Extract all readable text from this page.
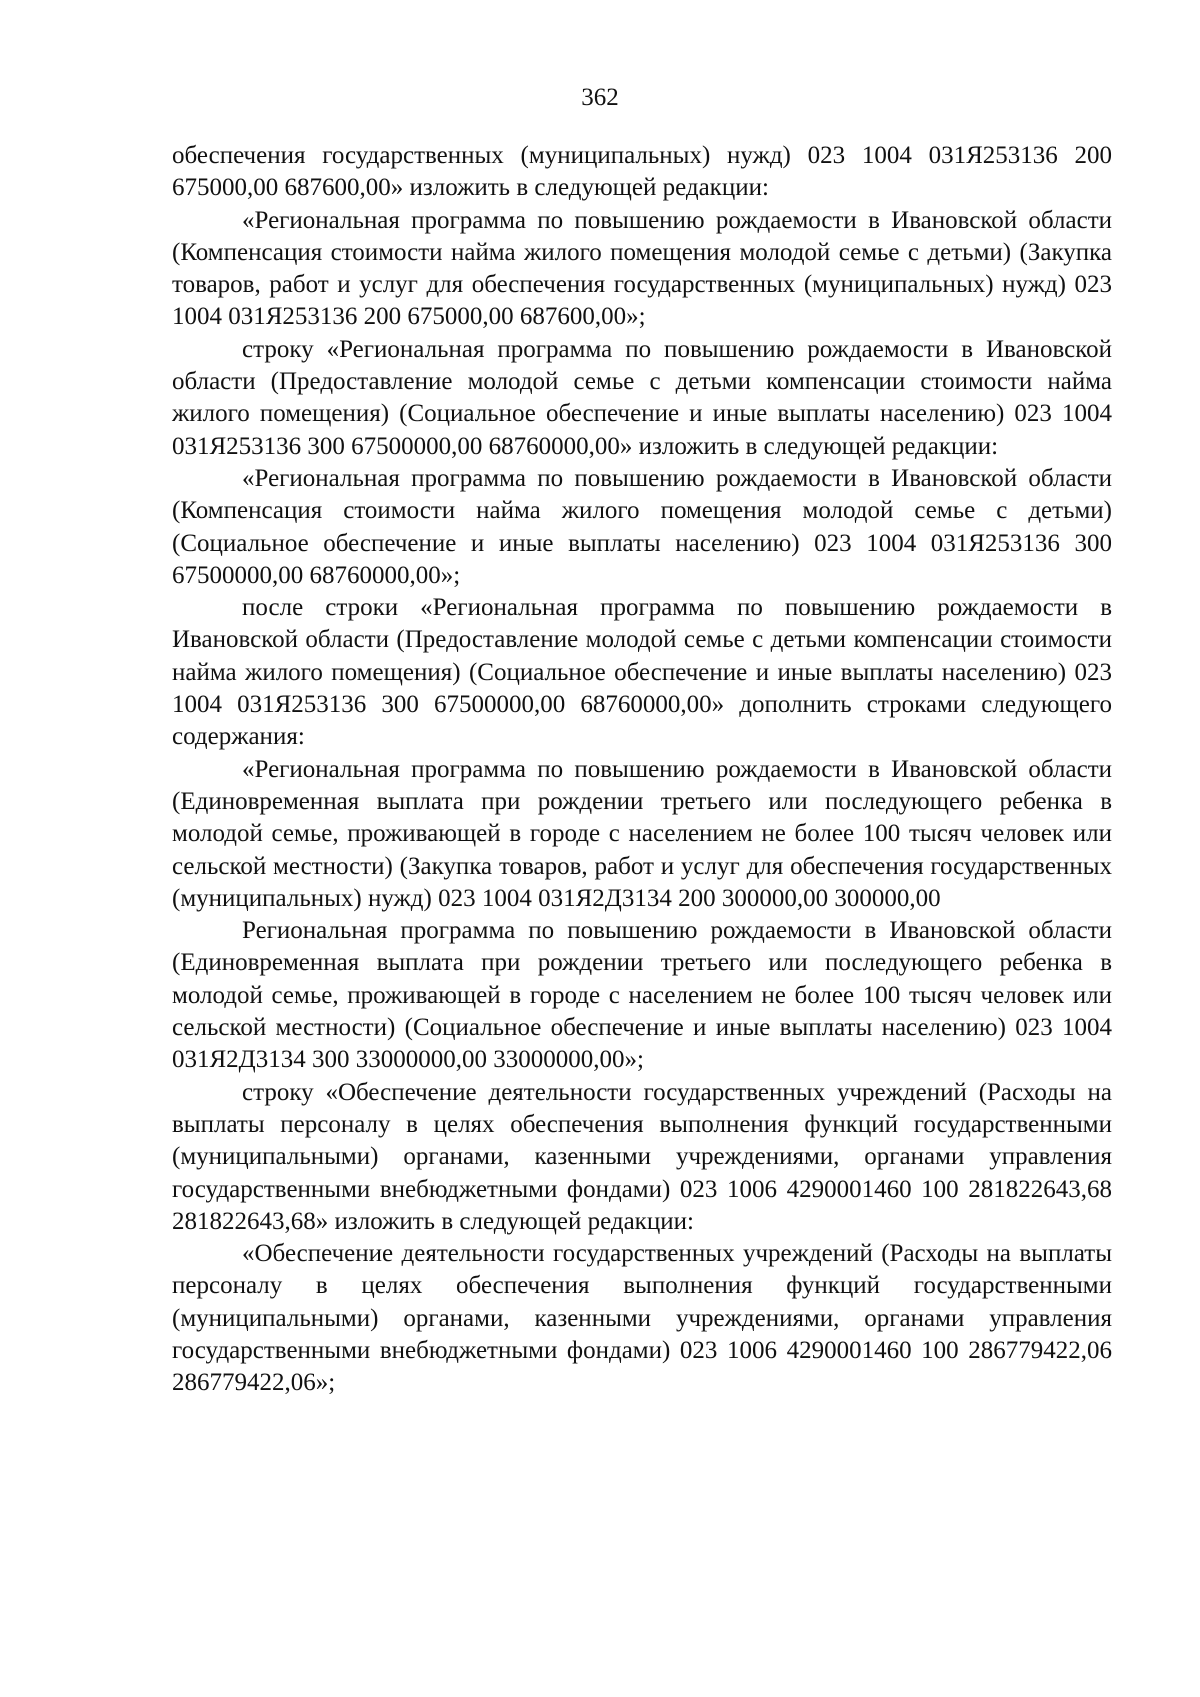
362

обеспечения государственных (муниципальных) нужд) 023 1004 031Я253136 200 675000,00 687600,00» изложить в следующей редакции:

«Региональная программа по повышению рождаемости в Ивановской области (Компенсация стоимости найма жилого помещения молодой семье с детьми) (Закупка товаров, работ и услуг для обеспечения государственных (муниципальных) нужд) 023 1004 031Я253136 200 675000,00 687600,00»;

строку «Региональная программа по повышению рождаемости в Ивановской области (Предоставление молодой семье с детьми компенсации стоимости найма жилого помещения) (Социальное обеспечение и иные выплаты населению) 023 1004 031Я253136 300 67500000,00 68760000,00» изложить в следующей редакции:

«Региональная программа по повышению рождаемости в Ивановской области (Компенсация стоимости найма жилого помещения молодой семье с детьми) (Социальное обеспечение и иные выплаты населению) 023 1004 031Я253136 300 67500000,00 68760000,00»;

после строки «Региональная программа по повышению рождаемости в Ивановской области (Предоставление молодой семье с детьми компенсации стоимости найма жилого помещения) (Социальное обеспечение и иные выплаты населению) 023 1004 031Я253136 300 67500000,00 68760000,00» дополнить строками следующего содержания:

«Региональная программа по повышению рождаемости в Ивановской области (Единовременная выплата при рождении третьего или последующего ребенка в молодой семье, проживающей в городе с населением не более 100 тысяч человек или сельской местности) (Закупка товаров, работ и услуг для обеспечения государственных (муниципальных) нужд) 023 1004 031Я2Д3134 200 300000,00 300000,00

Региональная программа по повышению рождаемости в Ивановской области (Единовременная выплата при рождении третьего или последующего ребенка в молодой семье, проживающей в городе с населением не более 100 тысяч человек или сельской местности) (Социальное обеспечение и иные выплаты населению) 023 1004 031Я2Д3134 300 33000000,00 33000000,00»;

строку «Обеспечение деятельности государственных учреждений (Расходы на выплаты персоналу в целях обеспечения выполнения функций государственными (муниципальными) органами, казенными учреждениями, органами управления государственными внебюджетными фондами) 023 1006 4290001460 100 281822643,68 281822643,68» изложить в следующей редакции:

«Обеспечение деятельности государственных учреждений (Расходы на выплаты персоналу в целях обеспечения выполнения функций государственными (муниципальными) органами, казенными учреждениями, органами управления государственными внебюджетными фондами) 023 1006 4290001460 100 286779422,06 286779422,06»;
